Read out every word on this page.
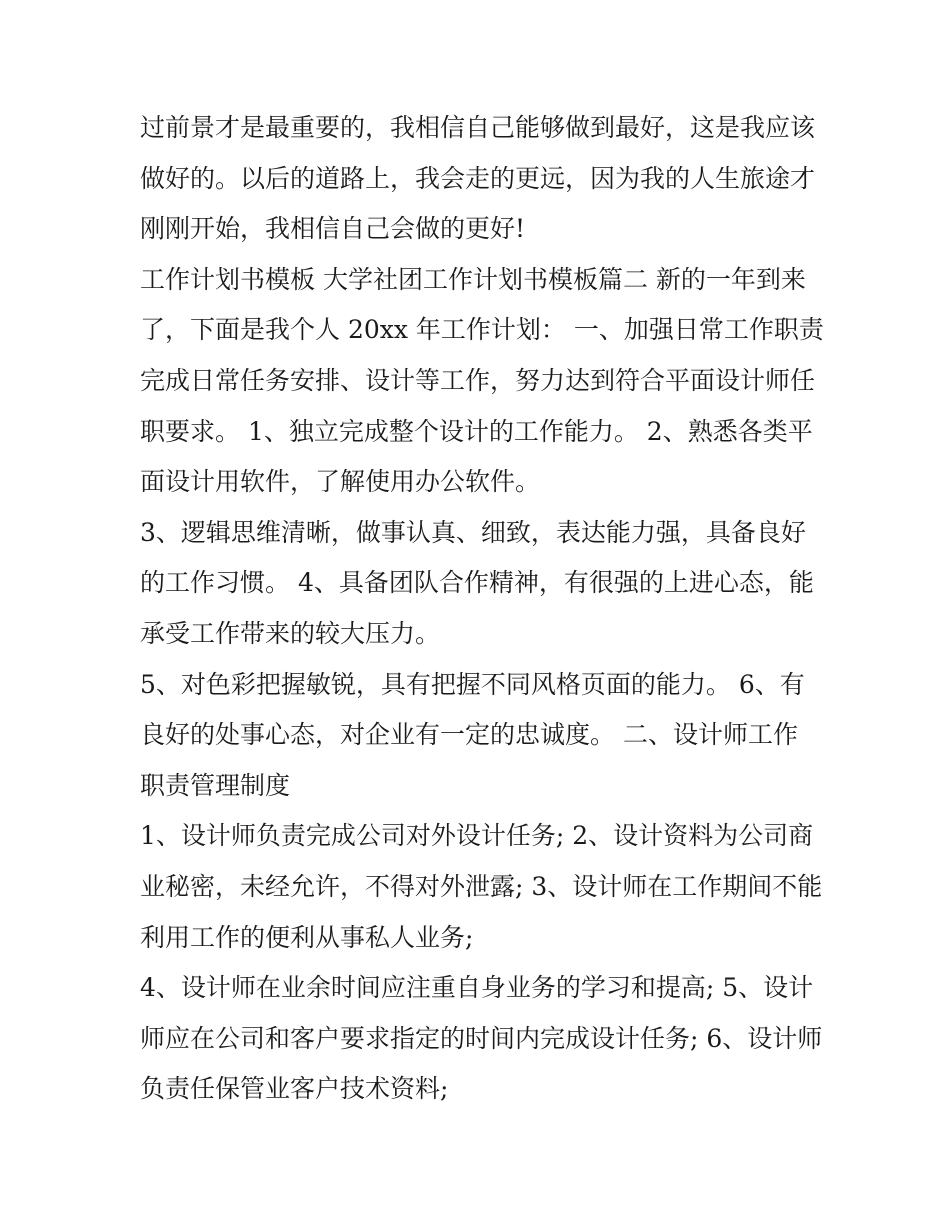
过前景才是最重要的，我相信自己能够做到最好，这是我应该
做好的。以后的道路上，我会走的更远，因为我的人生旅途才
刚刚开始，我相信自己会做的更好!

工作计划书模板 大学社团工作计划书模板篇二 新的一年到来
了，下面是我个人 20xx 年工作计划： 一、加强日常工作职责
完成日常任务安排、设计等工作，努力达到符合平面设计师任
职要求。 1、独立完成整个设计的工作能力。 2、熟悉各类平
面设计用软件，了解使用办公软件。

3、逻辑思维清晰，做事认真、细致，表达能力强，具备良好
的工作习惯。 4、具备团队合作精神，有很强的上进心态，能
承受工作带来的较大压力。

5、对色彩把握敏锐，具有把握不同风格页面的能力。 6、有
良好的处事心态，对企业有一定的忠诚度。 二、设计师工作
职责管理制度

1、设计师负责完成公司对外设计任务; 2、设计资料为公司商
业秘密，未经允许，不得对外泄露; 3、设计师在工作期间不能
利用工作的便利从事私人业务;

4、设计师在业余时间应注重自身业务的学习和提高; 5、设计
师应在公司和客户要求指定的时间内完成设计任务; 6、设计师
负责任保管业客户技术资料;
